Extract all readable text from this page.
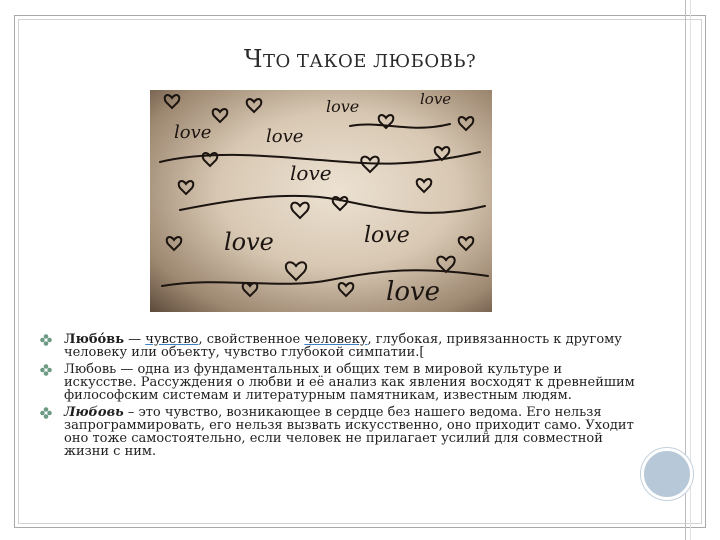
ЧТО ТАКОЕ ЛЮБОВЬ?
love	love
love	love
love
love	love
love
Любо́вь — чувство, свойственное человеку, глубокая, привязанность к другому человеку или объекту, чувство глубокой симпатии.[
Любовь — одна из фундаментальных и общих тем в мировой культуре и искусстве. Рассуждения о любви и её анализ как явления восходят к древнейшим философским системам и литературным памятникам, известным людям.
Любовь – это чувство, возникающее в сердце без нашего ведома. Его нельзя запрограммировать, его нельзя вызвать искусственно, оно приходит само. Уходит оно тоже самостоятельно, если человек не прилагает усилий для совместной жизни с ним.
